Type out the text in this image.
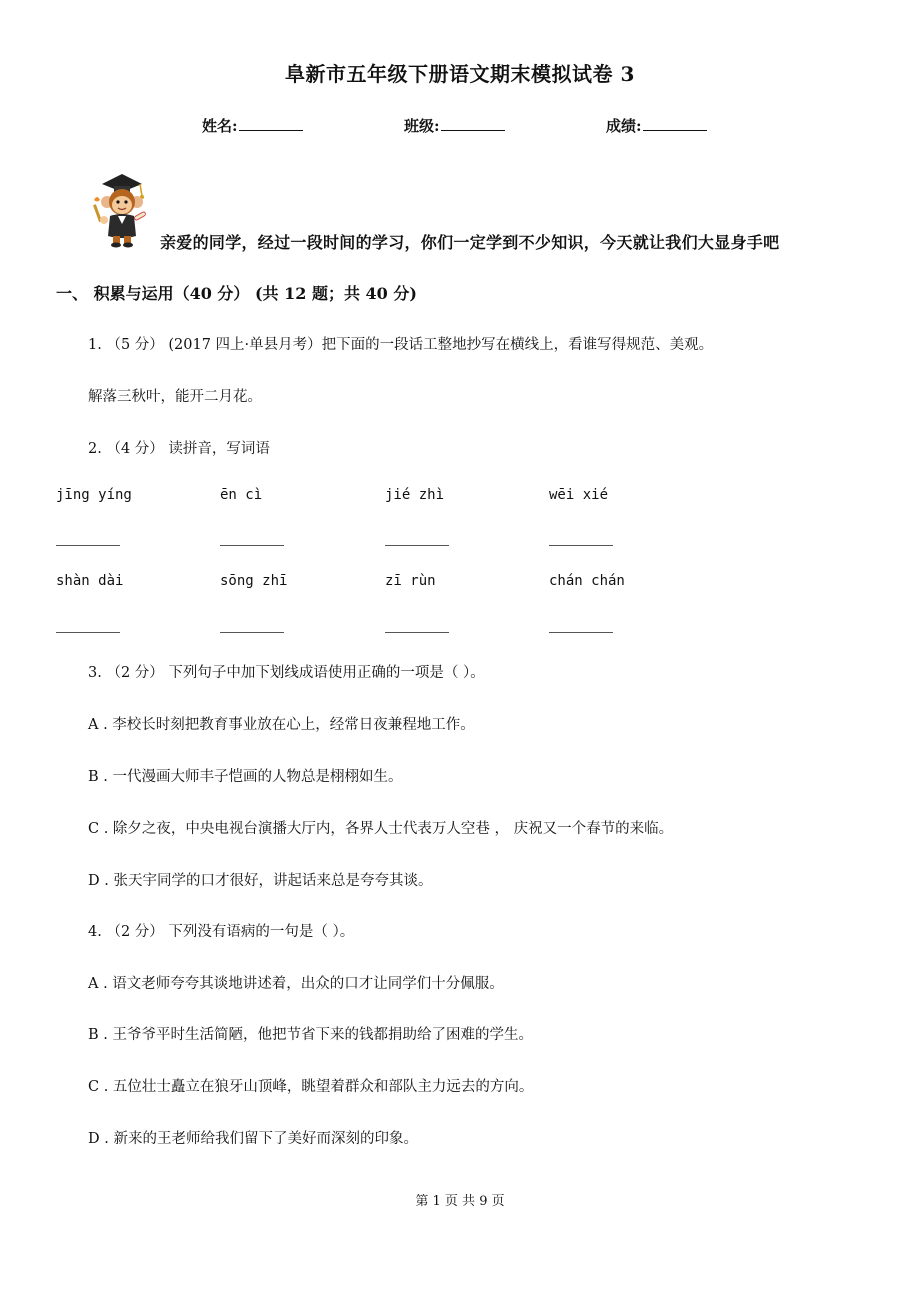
阜新市五年级下册语文期末模拟试卷 3
姓名:	班级:	成绩:
亲爱的同学，经过一段时间的学习，你们一定学到不少知识，今天就让我们大显身手吧
一、 积累与运用（40 分） (共 12 题；共 40 分)
1. （5 分） (2017 四上·单县月考）把下面的一段话工整地抄写在横线上，看谁写得规范、美观。
解落三秋叶，能开二月花。
2. （4 分） 读拼音，写词语
jīng yíng	ēn cì	jié zhì	wēi xié
shàn dài	sōng zhī	zī rùn	chán chán
3. （2 分） 下列句子中加下划线成语使用正确的一项是（ ）。
A . 李校长时刻把教育事业放在心上，经常日夜兼程地工作。
B . 一代漫画大师丰子恺画的人物总是栩栩如生。
C . 除夕之夜，中央电视台演播大厅内，各界人士代表万人空巷 ， 庆祝又一个春节的来临。
D . 张天宇同学的口才很好，讲起话来总是夸夸其谈。
4. （2 分） 下列没有语病的一句是（ ）。
A . 语文老师夸夸其谈地讲述着，出众的口才让同学们十分佩服。
B . 王爷爷平时生活简陋，他把节省下来的钱都捐助给了困难的学生。
C . 五位壮士矗立在狼牙山顶峰，眺望着群众和部队主力远去的方向。
D . 新来的王老师给我们留下了美好而深刻的印象。
第 1 页 共 9 页
